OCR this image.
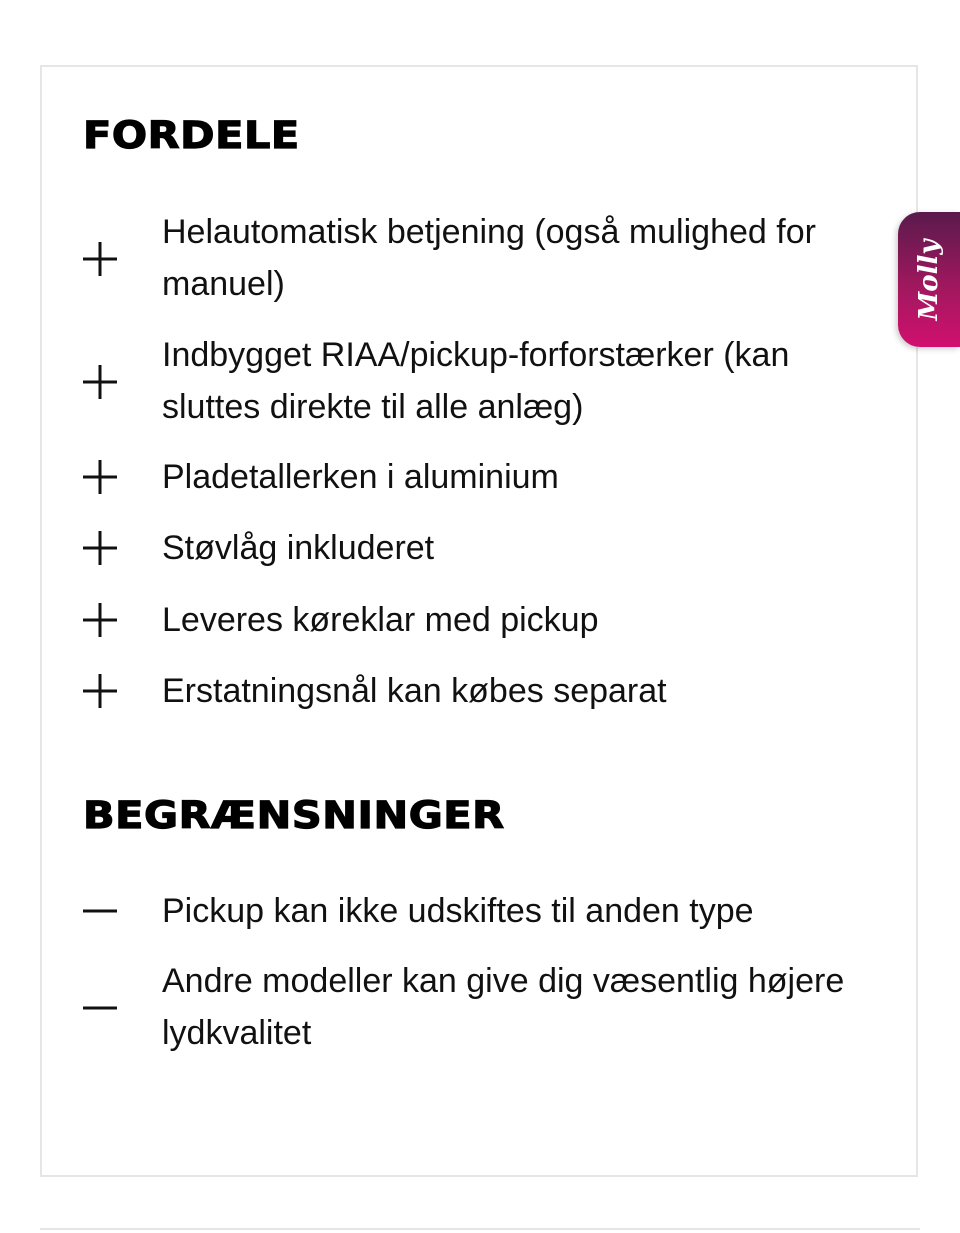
FORDELE
Helautomatisk betjening (også mulighed for manuel)
Indbygget RIAA/pickup-forforstærker (kan sluttes direkte til alle anlæg)
Pladetallerken i aluminium
Støvlåg inkluderet
Leveres køreklar med pickup
Erstatningsnål kan købes separat
BEGRÆNSNINGER
Pickup kan ikke udskiftes til anden type
Andre modeller kan give dig væsentlig højere lydkvalitet
Molly
